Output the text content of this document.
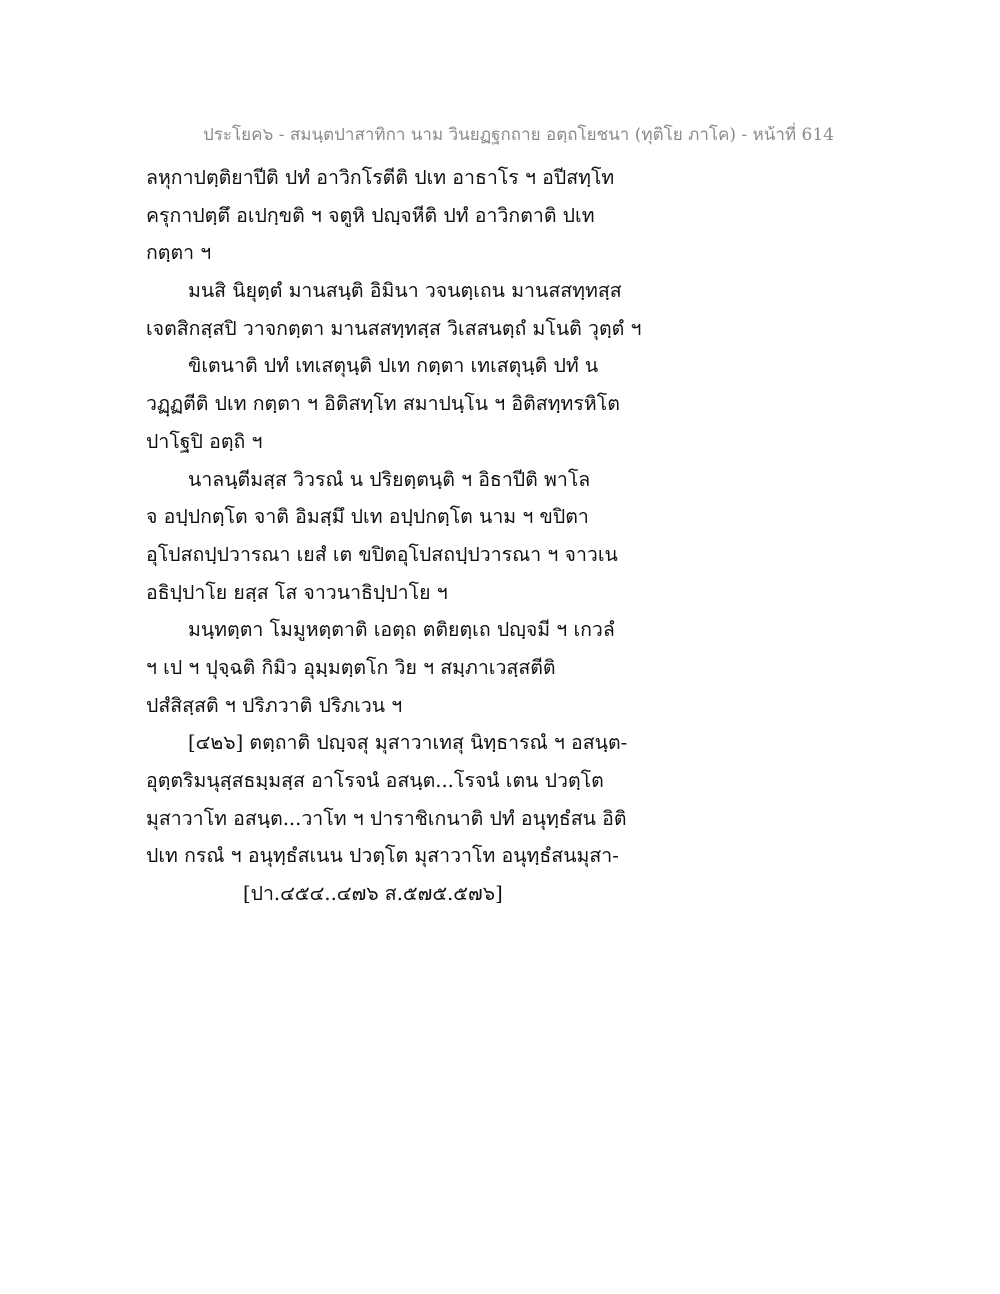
ประโยค๖ - สมนฺตปาสาทิกา นาม วินยฏฐกถาย อตฺถโยชนา (ทุติโย ภาโค) - หน้าที่ 614
ลหุกาปตฺติยาปีติ ปทํ อาวิกโรตีติ ปเท อาธาโร ฯ อปีสทฺโท
ครุกาปตฺตึ อเปกฺขติ ฯ จตูหิ ปญฺจหีติ ปทํ อาวิกตาติ ปเท
กตฺตา ฯ
มนสิ นิยุตฺตํ มานสนฺติ อิมินา วจนตฺเถน มานสสทฺทสฺส
เจตสิกสฺสปิ วาจกตฺตา มานสสทฺทสฺส วิเสสนตฺถํ มโนติ วุตฺตํ ฯ
ขิเตนาติ ปทํ เทเสตุนฺติ ปเท กตฺตา เทเสตุนฺติ ปทํ น
วฏฺฏตีติ ปเท กตฺตา ฯ อิติสทฺโท สมาปนฺโน ฯ อิติสทฺทรหิโต
ปาโฐปิ อตฺถิ ฯ
นาลนฺตีมสฺส วิวรณํ น ปริยตฺตนฺติ ฯ อิธาปีติ พาโล
จ อปฺปกตฺโต จาติ อิมสฺมึ ปเท อปฺปกตฺโต นาม ฯ ขปิตา
อุโปสถปฺปวารณา เยสํ เต ขปิตอุโปสถปฺปวารณา ฯ จาวเน
อธิปฺปาโย ยสฺส โส จาวนาธิปฺปาโย ฯ
มนฺทตฺตา โมมูหตฺตาติ เอตฺถ ตติยตฺเถ ปญฺจมี ฯ เกวลํ
ฯ เป ฯ ปุจฺฉติ กิมิว อุมฺมตฺตโก วิย ฯ สมฺภาเวสฺสตีติ
ปสํสิสฺสติ ฯ ปริภวาติ ปริภเวน ฯ
[๔๒๖] ตตฺถาติ ปญฺจสุ มุสาวาเทสุ นิทฺธารณํ ฯ อสนฺต-
อุตฺตริมนุสฺสธมฺมสฺส อาโรจนํ อสนฺต...โรจนํ เตน ปวตฺโต
มุสาวาโท อสนฺต...วาโท ฯ ปาราชิเกนาติ ปทํ อนุทฺธํสน อิติ
ปเท กรณํ ฯ อนุทฺธํสเนน ปวตฺโต มุสาวาโท อนุทฺธํสนมุสา-
[ปา.๔๕๔..๔๗๖ ส.๕๗๕.๕๗๖]
